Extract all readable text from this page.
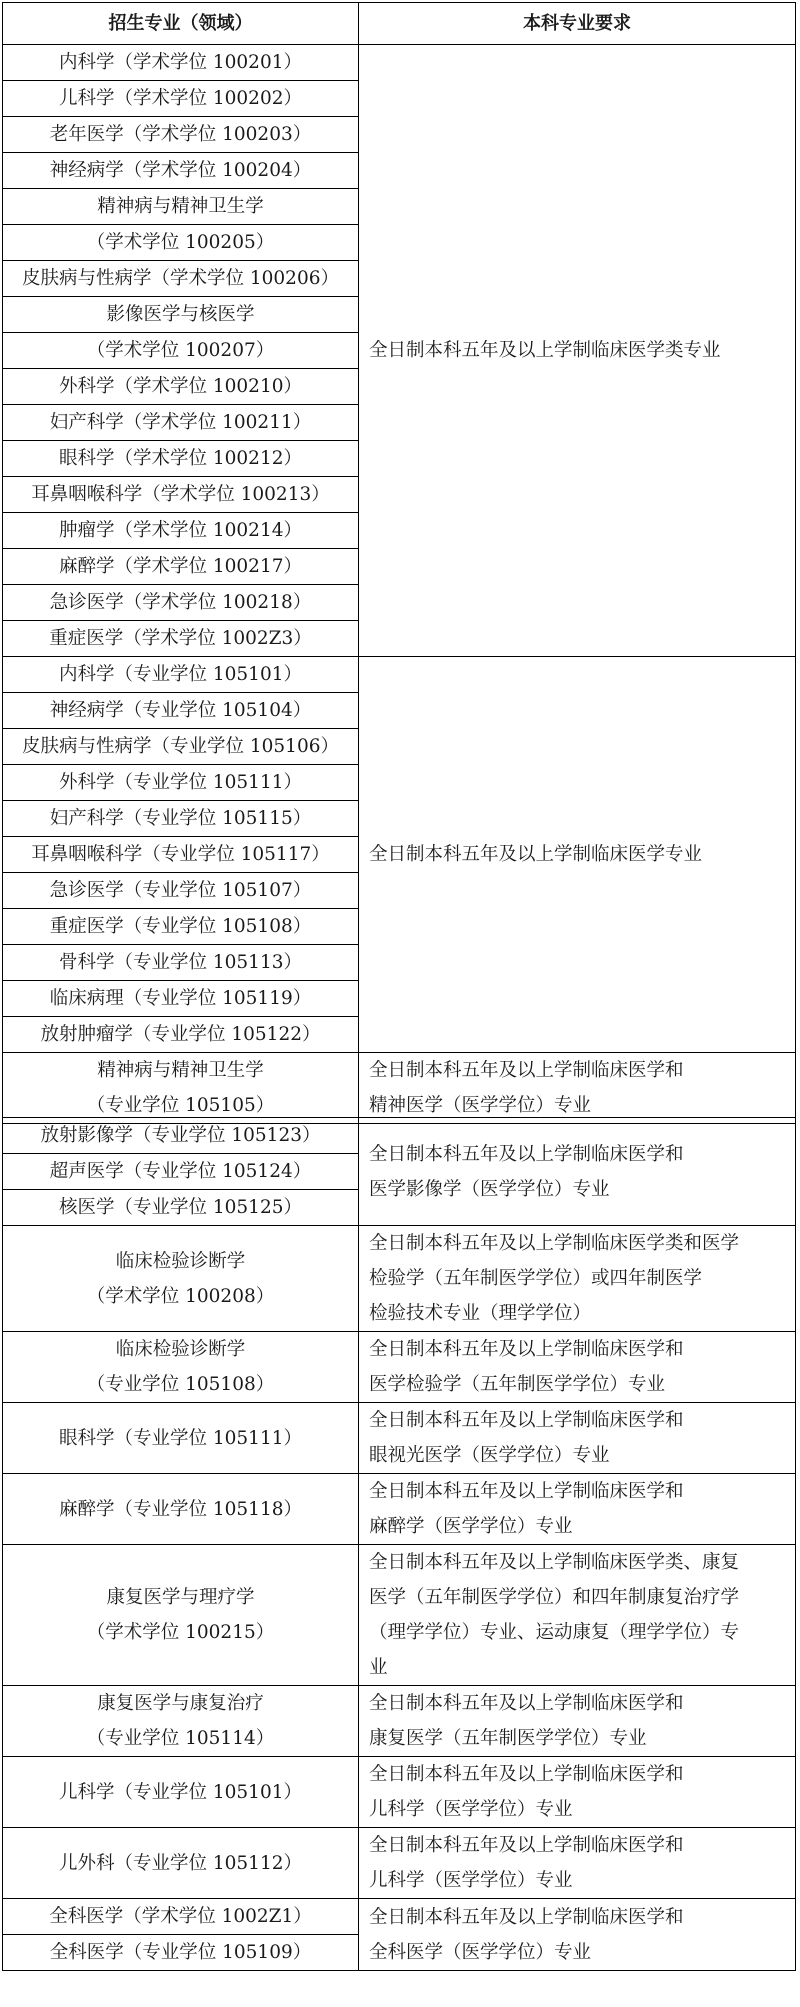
招生专业（领域）	本科专业要求
内科学（学术学位 100201）	全日制本科五年及以上学制临床医学类专业
儿科学（学术学位 100202）	
老年医学（学术学位 100203）	
神经病学（学术学位 100204）	
精神病与精神卫生学	
（学术学位 100205）	
皮肤病与性病学（学术学位 100206）	
影像医学与核医学	
（学术学位 100207）	
外科学（学术学位 100210）	
妇产科学（学术学位 100211）	
眼科学（学术学位 100212）	
耳鼻咽喉科学（学术学位 100213）	
肿瘤学（学术学位 100214）	
麻醉学（学术学位 100217）	
急诊医学（学术学位 100218）	
重症医学（学术学位 1002Z3）	
内科学（专业学位 105101）	全日制本科五年及以上学制临床医学专业
神经病学（专业学位 105104）	
皮肤病与性病学（专业学位 105106）	
外科学（专业学位 105111）	
妇产科学（专业学位 105115）	
耳鼻咽喉科学（专业学位 105117）	
急诊医学（专业学位 105107）	
重症医学（专业学位 105108）	
骨科学（专业学位 105113）	
临床病理（专业学位 105119）	
放射肿瘤学（专业学位 105122）	

精神病与精神卫生学
（专业学位 105105）	全日制本科五年及以上学制临床医学和
精神医学（医学学位）专业
放射影像学（专业学位 105123）	全日制本科五年及以上学制临床医学和
医学影像学（医学学位）专业

超声医学（专业学位 105124）	
核医学（专业学位 105125）	

临床检验诊断学
（学术学位 100208）	全日制本科五年及以上学制临床医学类和医学
检验学（五年制医学学位）或四年制医学
检验技术专业（理学学位）

临床检验诊断学
（专业学位 105108）	全日制本科五年及以上学制临床医学和
医学检验学（五年制医学学位）专业

眼科学（专业学位 105111）	全日制本科五年及以上学制临床医学和
眼视光医学（医学学位）专业

麻醉学（专业学位 105118）	全日制本科五年及以上学制临床医学和
麻醉学（医学学位）专业

康复医学与理疗学
（学术学位 100215）	全日制本科五年及以上学制临床医学类、康复
医学（五年制医学学位）和四年制康复治疗学
（理学学位）专业、运动康复（理学学位）专
业

康复医学与康复治疗
（专业学位 105114）	全日制本科五年及以上学制临床医学和
康复医学（五年制医学学位）专业

儿科学（专业学位 105101）	全日制本科五年及以上学制临床医学和
儿科学（医学学位）专业

儿外科（专业学位 105112）	全日制本科五年及以上学制临床医学和
儿科学（医学学位）专业

全科医学（学术学位 1002Z1）	全日制本科五年及以上学制临床医学和
全科医学（医学学位）专业

全科医学（专业学位 105109）	
